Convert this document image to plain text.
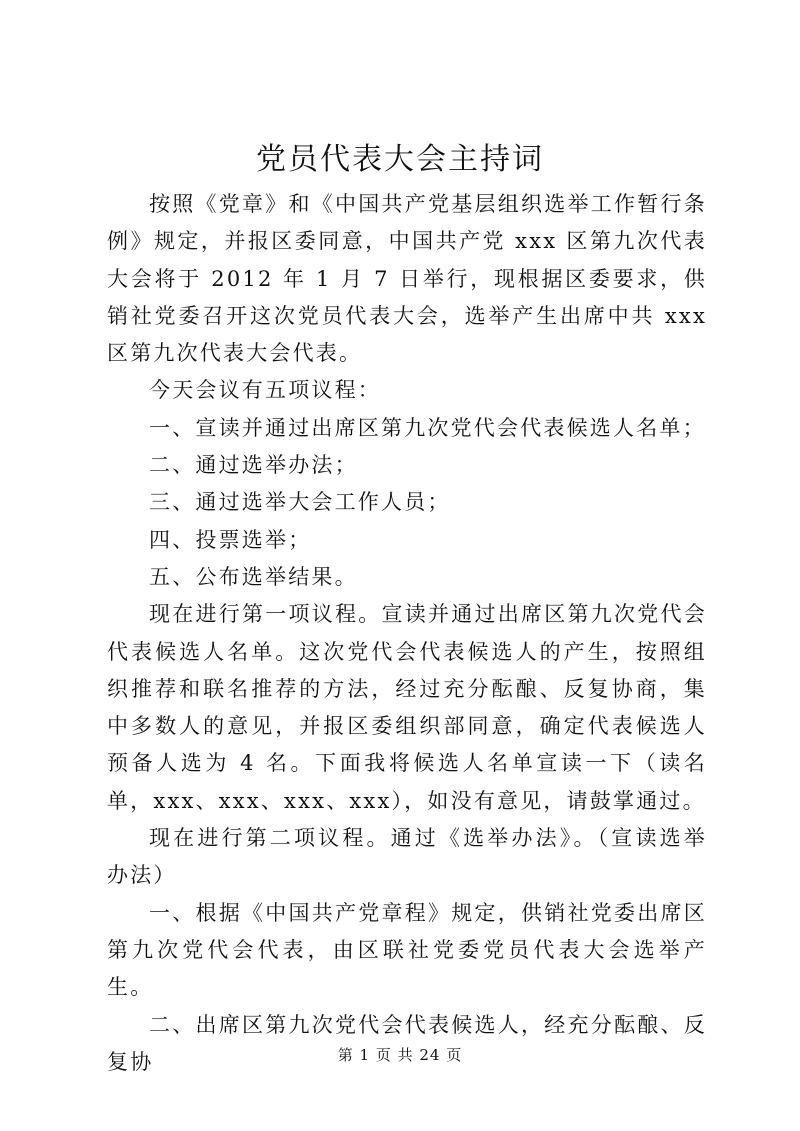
党员代表大会主持词

按照《党章》和《中国共产党基层组织选举工作暂行条例》规定，并报区委同意，中国共产党 xxx 区第九次代表大会将于 2012 年 1 月 7 日举行，现根据区委要求，供销社党委召开这次党员代表大会，选举产生出席中共 xxx 区第九次代表大会代表。

今天会议有五项议程：

一、宣读并通过出席区第九次党代会代表候选人名单；

二、通过选举办法；

三、通过选举大会工作人员；

四、投票选举；

五、公布选举结果。

现在进行第一项议程。宣读并通过出席区第九次党代会代表候选人名单。这次党代会代表候选人的产生，按照组织推荐和联名推荐的方法，经过充分酝酿、反复协商，集中多数人的意见，并报区委组织部同意，确定代表候选人预备人选为 4 名。下面我将候选人名单宣读一下（读名单，xxx、xxx、xxx、xxx），如没有意见，请鼓掌通过。

现在进行第二项议程。通过《选举办法》。（宣读选举办法）

一、根据《中国共产党章程》规定，供销社党委出席区第九次党代会代表，由区联社党委党员代表大会选举产生。

二、出席区第九次党代会代表候选人，经充分酝酿、反复协	第 1 页 共 24 页
